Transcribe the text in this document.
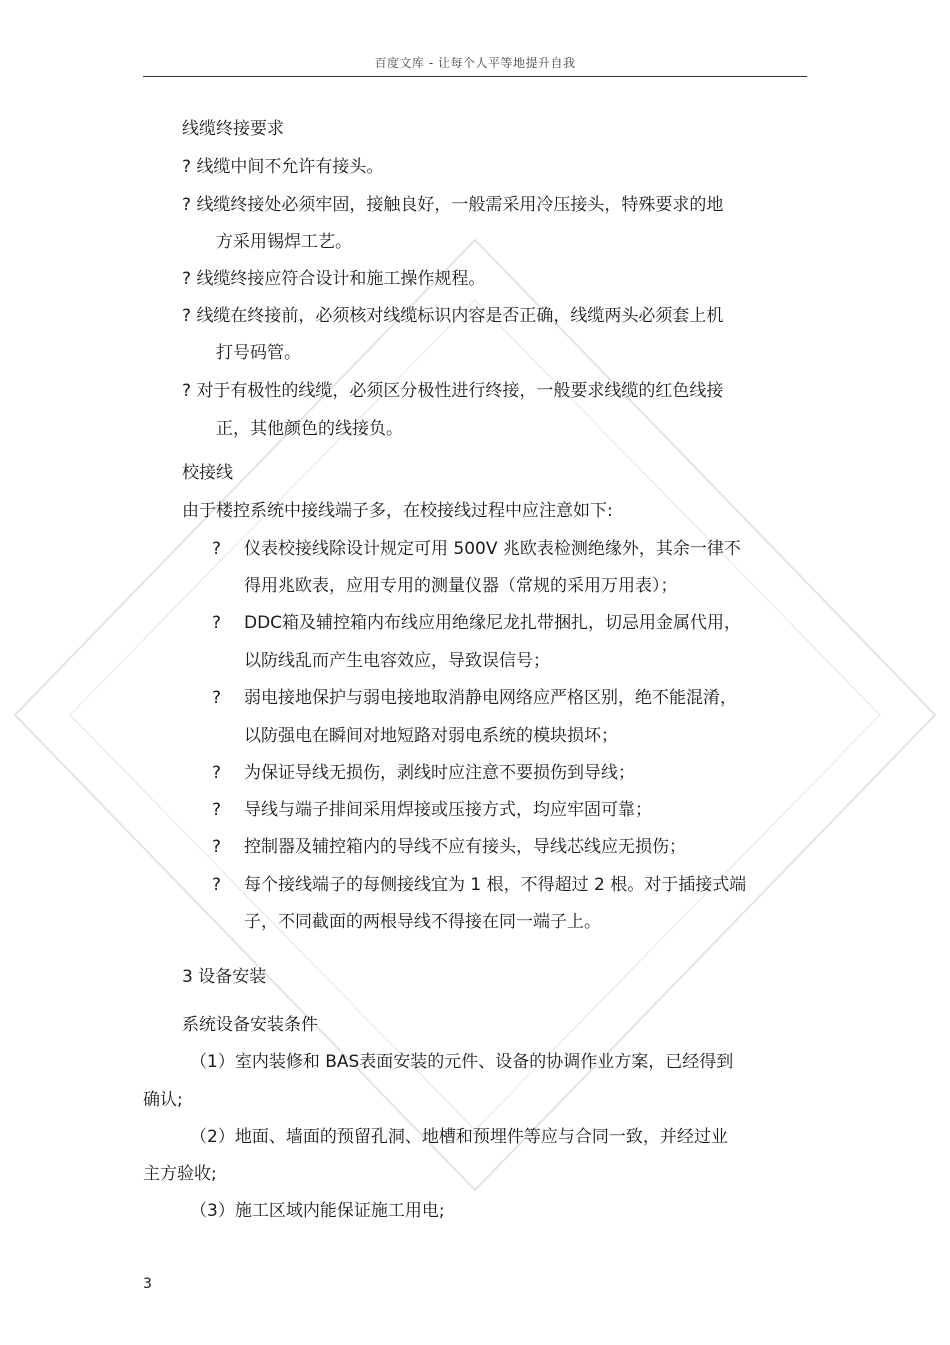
百度文库 - 让每个人平等地提升自我
线缆终接要求
? 线缆中间不允许有接头。
? 线缆终接处必须牢固，接触良好，一般需采用冷压接头，特殊要求的地
方采用锡焊工艺。
? 线缆终接应符合设计和施工操作规程。
? 线缆在终接前，必须核对线缆标识内容是否正确，线缆两头必须套上机
打号码管。
? 对于有极性的线缆，必须区分极性进行终接，一般要求线缆的红色线接
正，其他颜色的线接负。
校接线
由于楼控系统中接线端子多，在校接线过程中应注意如下:
? 仪表校接线除设计规定可用 500V 兆欧表检测绝缘外，其余一律不
得用兆欧表，应用专用的测量仪器（常规的采用万用表）；
? DDC箱及辅控箱内布线应用绝缘尼龙扎带捆扎，切忌用金属代用，
以防线乱而产生电容效应，导致误信号；
? 弱电接地保护与弱电接地取消静电网络应严格区别，绝不能混淆，
以防强电在瞬间对地短路对弱电系统的模块损坏；
? 为保证导线无损伤，剥线时应注意不要损伤到导线；
? 导线与端子排间采用焊接或压接方式，均应牢固可靠；
? 控制器及辅控箱内的导线不应有接头，导线芯线应无损伤；
? 每个接线端子的每侧接线宜为 1 根，不得超过 2 根。对于插接式端
子，不同截面的两根导线不得接在同一端子上。
3 设备安装
系统设备安装条件
（1）室内装修和 BAS表面安装的元件、设备的协调作业方案，已经得到
确认;
（2）地面、墙面的预留孔洞、地槽和预埋件等应与合同一致，并经过业
主方验收;
（3）施工区域内能保证施工用电;
3
